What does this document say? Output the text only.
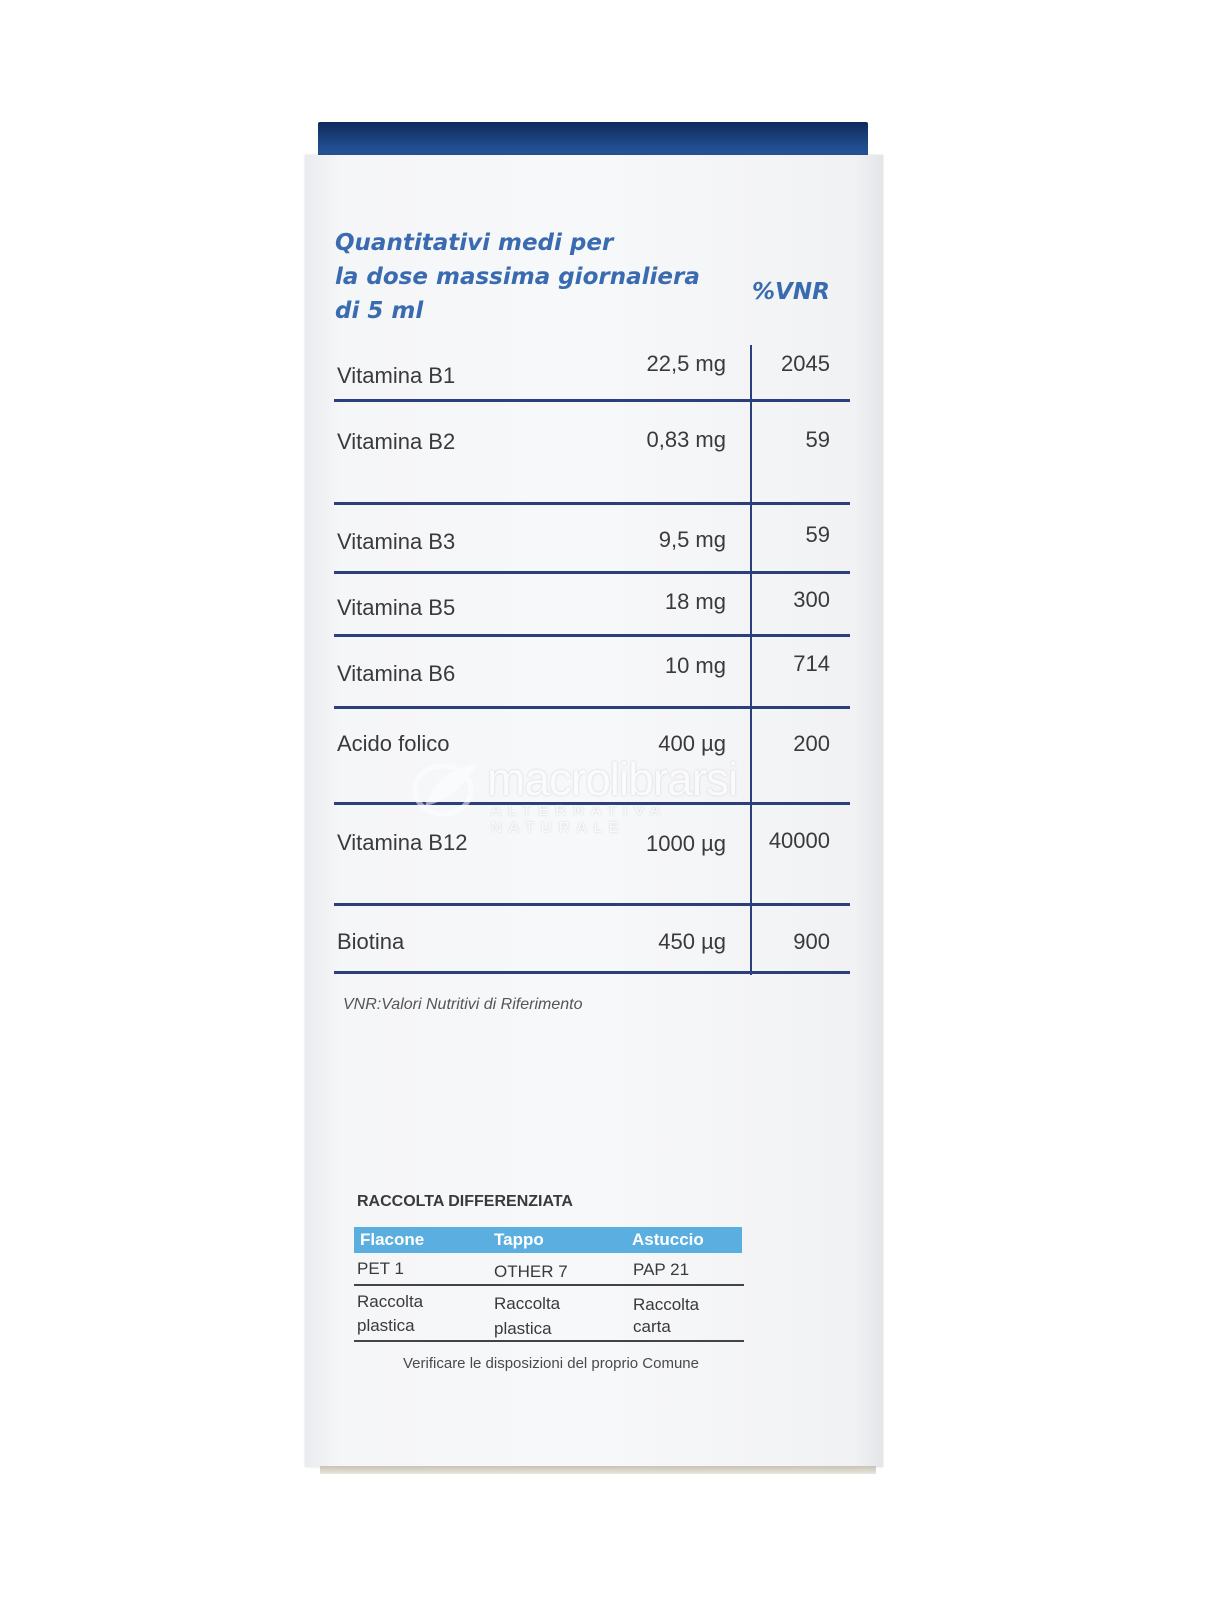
Quantitativi medi per
la dose massima giornaliera
di 5 ml
%VNR
Vitamina B1	22,5 mg	2045
Vitamina B2	0,83 mg	59
Vitamina B3	9,5 mg	59
Vitamina B5	18 mg	300
Vitamina B6	10 mg	714
Acido folico	400 µg	200
Vitamina B12	1000 µg 40000
Biotina	450 µg	900
VNR:Valori Nutritivi di Riferimento
macrolibrarsi
ALTERNATIVA NATURALE
RACCOLTA DIFFERENZIATA
Flacone	Tappo	Astuccio
PET 1	OTHER 7	PAP 21
Raccolta	Raccolta	Raccolta
plastica	plastica	carta
Verificare le disposizioni del proprio Comune
